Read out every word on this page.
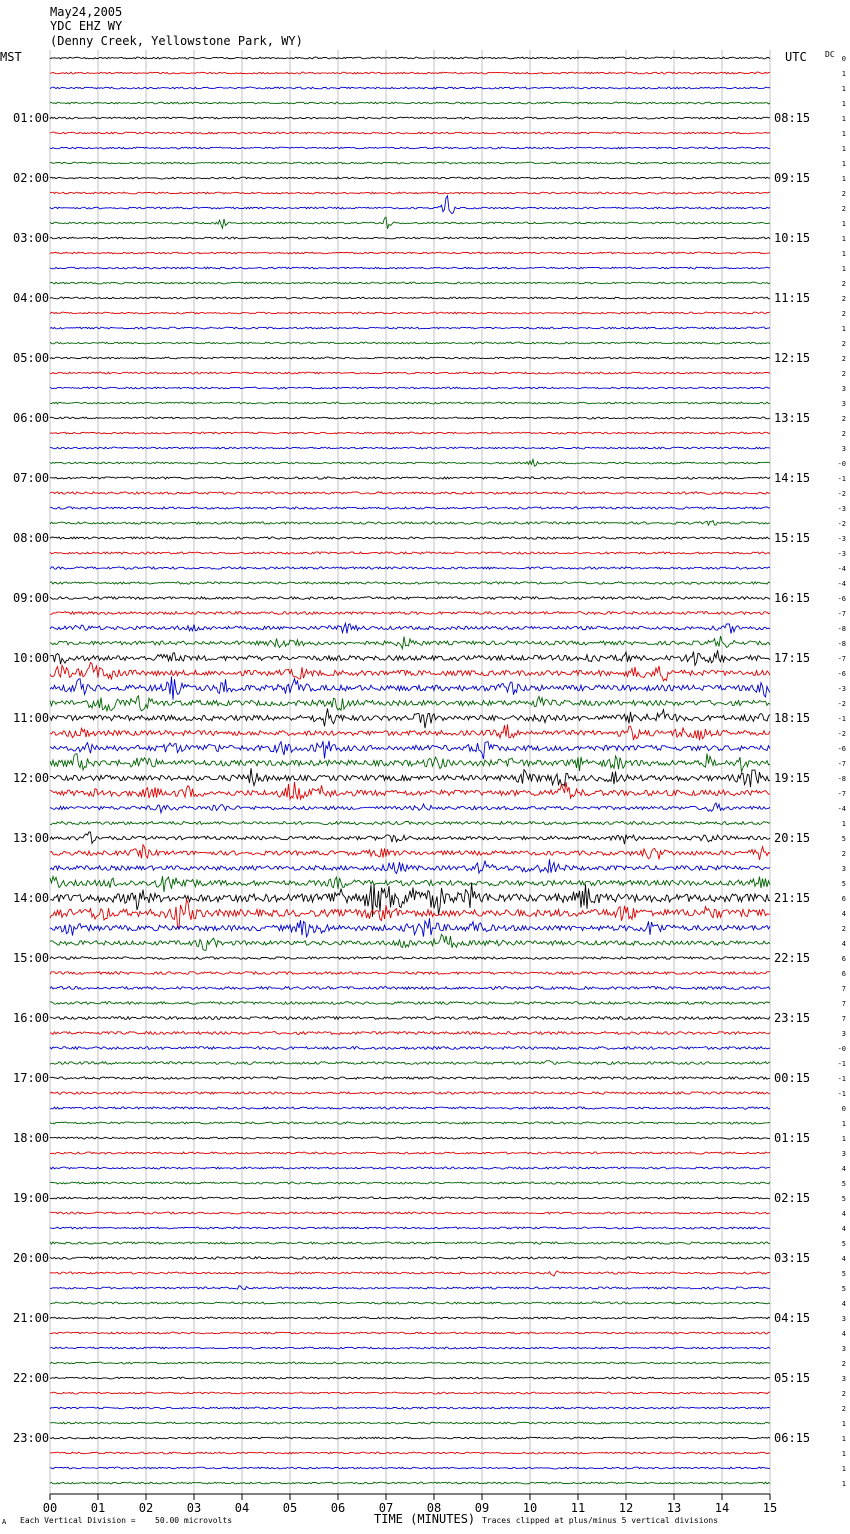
May24,2005
YDC EHZ WY
(Denny Creek, Yellowstone Park, WY)
MST	UTC DC
01:00
02:00
03:00
04:00
05:00
06:00
07:00
08:00
09:00
10:00
11:00
12:00
13:00
14:00
15:00
16:00
17:00
18:00
19:00
20:00
21:00
22:00
23:00
08:15
09:15
10:15
11:15
12:15
13:15
14:15
15:15
16:15
17:15
18:15
19:15
20:15
21:15
22:15
23:15
00:15
01:15
02:15
03:15
04:15
05:15
06:15
0
1
1
1
1
1
1
1
1
2
2
1
1
1
1
2
2
2
1
2
2
2
3
3
2
2
3
-0
-1
-2
-3
-2
-3
-3
-4
-4
-6
-7
-8
-8
-7
-6
-3
-2
-1
-2
-6
-7
-8
-7
-4
1
5
2
3
5
6
4
2
4
6
6
7
7
7
3
-0
-1
-1
-1
0
1
1
3
4
5
5
4
4
5
4
5
5
4
3
4
3
2
3
2
2
1
1
1
1
1
00	01	02	03	04	05	06	07	08	09	10	11	12	13	14	15
A Each Vertical Division = 50.00 microvolts	TIME (MINUTES) Traces clipped at plus/minus 5 vertical divisions
